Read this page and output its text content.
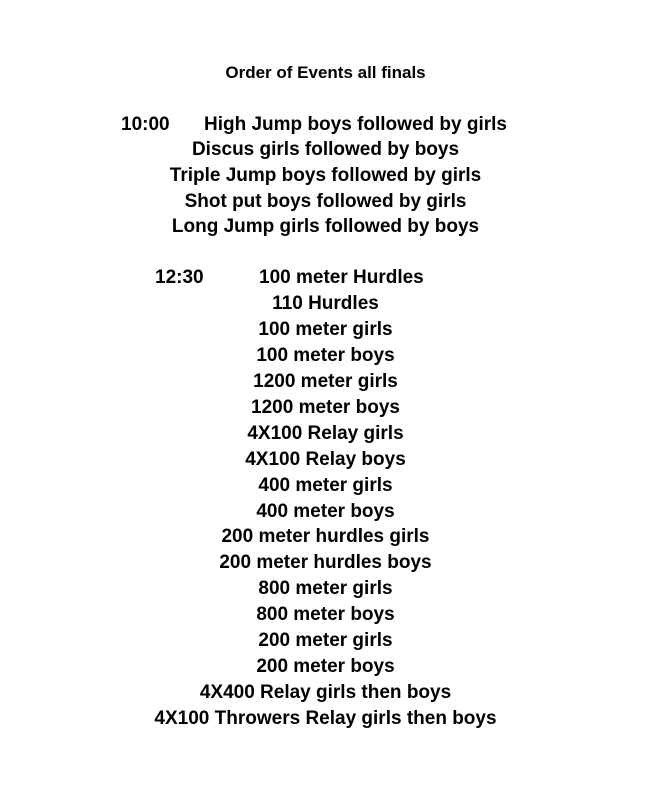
Order of Events all finals
10:00 High Jump boys followed by girls
Discus girls followed by boys
Triple Jump boys followed by girls
Shot put boys followed by girls
Long Jump girls followed by boys
12:30	100 meter Hurdles
110 Hurdles
100 meter girls
100 meter boys
1200 meter girls
1200 meter boys
4X100 Relay girls
4X100 Relay boys
400 meter girls
400 meter boys
200 meter hurdles girls
200 meter hurdles boys
800 meter girls
800 meter boys
200 meter girls
200 meter boys
4X400 Relay girls then boys
4X100 Throwers Relay girls then boys
